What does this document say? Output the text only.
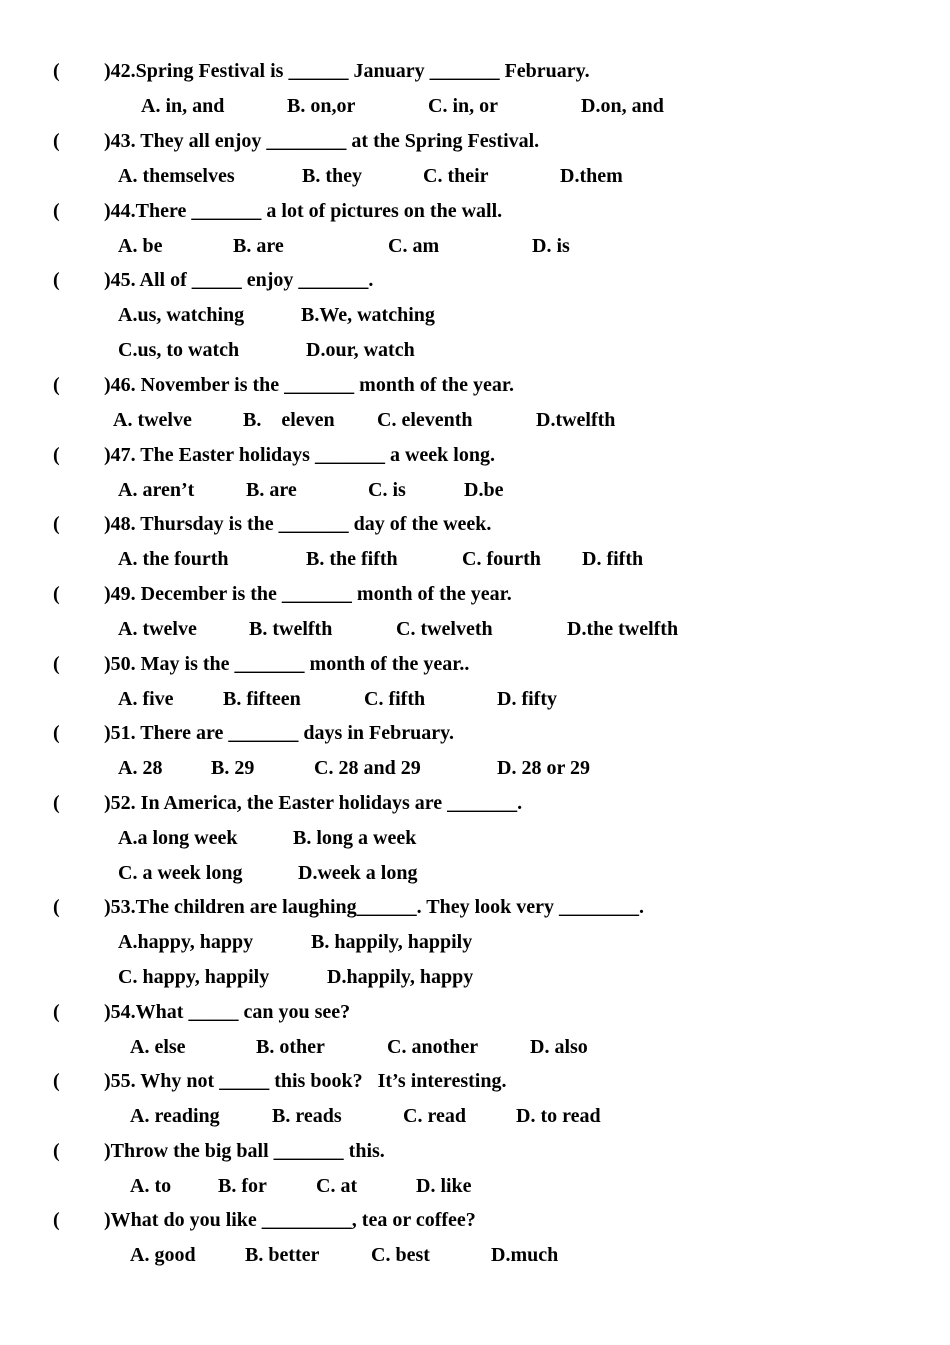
( )42.Spring Festival is ______ January _______ February.
A. in, and	B. on,or	C. in, or	D.on, and
( )43. They all enjoy ________ at the Spring Festival.
A. themselves	B. they	C. their	D.them
( )44.There _______ a lot of pictures on the wall.
A. be	B. are	C. am	D. is
( )45. All of _____ enjoy _______.
A.us, watching	B.We, watching
C.us, to watch	D.our, watch
( )46. November is the _______ month of the year.
A. twelve	B.    eleven C. eleventh	D.twelfth
( )47. The Easter holidays _______ a week long.
A. aren’t	B. are	C. is	D.be
( )48. Thursday is the _______ day of the week.
A. the fourth	B. the fifth	C. fourth D. fifth
( )49. December is the _______ month of the year.
A. twelve	B. twelfth	C. twelveth	D.the twelfth
( )50. May is the _______ month of the year..
A. five B. fifteen	C. fifth	D. fifty
( )51. There are _______ days in February.
A. 28 B. 29	C. 28 and 29	D. 28 or 29
( )52. In America, the Easter holidays are _______.
A.a long week	B. long a week
C. a week long	D.week a long
( )53.The children are laughing______. They look very ________.
A.happy, happy	B. happily, happily
C. happy, happily	D.happily, happy
( )54.What _____ can you see?
A. else	B. other	C. another	D. also
( )55. Why not _____ this book?   It’s interesting.
A. reading	B. reads	C. read	D. to read
( )Throw the big ball _______ this.
A. to B. for C. at	D. like
( )What do you like _________, tea or coffee?
A. good B. better	C. best	D.much
